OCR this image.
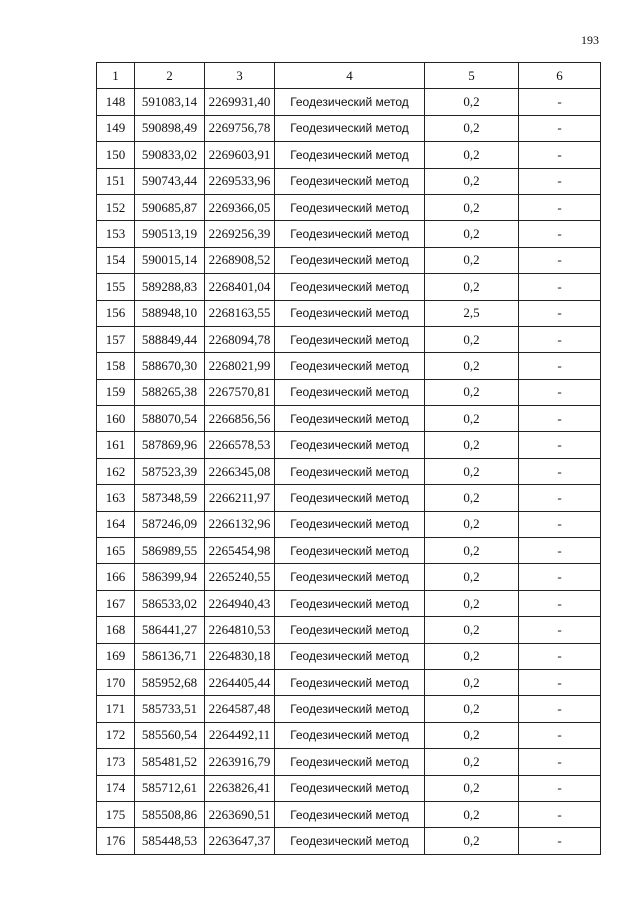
193
1	2	3	4	5	6
148	591083,14	2269931,40	Геодезический метод	0,2	-
149	590898,49	2269756,78	Геодезический метод	0,2	-
150	590833,02	2269603,91	Геодезический метод	0,2	-
151	590743,44	2269533,96	Геодезический метод	0,2	-
152	590685,87	2269366,05	Геодезический метод	0,2	-
153	590513,19	2269256,39	Геодезический метод	0,2	-
154	590015,14	2268908,52	Геодезический метод	0,2	-
155	589288,83	2268401,04	Геодезический метод	0,2	-
156	588948,10	2268163,55	Геодезический метод	2,5	-
157	588849,44	2268094,78	Геодезический метод	0,2	-
158	588670,30	2268021,99	Геодезический метод	0,2	-
159	588265,38	2267570,81	Геодезический метод	0,2	-
160	588070,54	2266856,56	Геодезический метод	0,2	-
161	587869,96	2266578,53	Геодезический метод	0,2	-
162	587523,39	2266345,08	Геодезический метод	0,2	-
163	587348,59	2266211,97	Геодезический метод	0,2	-
164	587246,09	2266132,96	Геодезический метод	0,2	-
165	586989,55	2265454,98	Геодезический метод	0,2	-
166	586399,94	2265240,55	Геодезический метод	0,2	-
167	586533,02	2264940,43	Геодезический метод	0,2	-
168	586441,27	2264810,53	Геодезический метод	0,2	-
169	586136,71	2264830,18	Геодезический метод	0,2	-
170	585952,68	2264405,44	Геодезический метод	0,2	-
171	585733,51	2264587,48	Геодезический метод	0,2	-
172	585560,54	2264492,11	Геодезический метод	0,2	-
173	585481,52	2263916,79	Геодезический метод	0,2	-
174	585712,61	2263826,41	Геодезический метод	0,2	-
175	585508,86	2263690,51	Геодезический метод	0,2	-
176	585448,53	2263647,37	Геодезический метод	0,2	-
